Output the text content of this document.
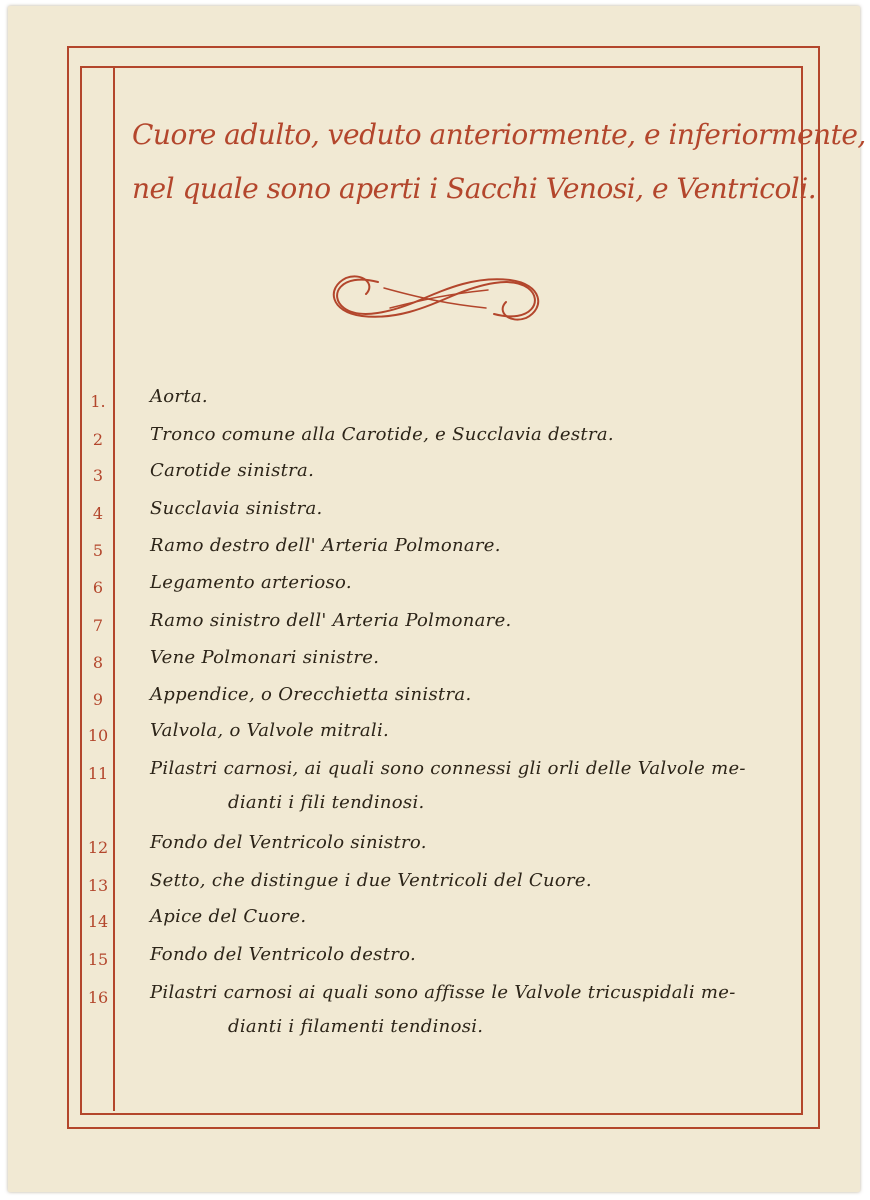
Cuore adulto, veduto anteriormente, e inferiormente,
nel quale sono aperti i Sacchi Venosi, e Ventricoli.
1.	Aorta.
2	Tronco comune alla Carotide, e Succlavia destra.
3	Carotide sinistra.
4	Succlavia sinistra.
5	Ramo destro dell' Arteria Polmonare.
6	Legamento arterioso.
7	Ramo sinistro dell' Arteria Polmonare.
8	Vene Polmonari sinistre.
9	Appendice, o Orecchietta sinistra.
10	Valvola, o Valvole mitrali.
11	Pilastri carnosi, ai quali sono connessi gli orli delle Valvole me-
dianti i fili tendinosi.
12	Fondo del Ventricolo sinistro.
13	Setto, che distingue i due Ventricoli del Cuore.
14	Apice del Cuore.
15	Fondo del Ventricolo destro.
16	Pilastri carnosi ai quali sono affisse le Valvole tricuspidali me-
dianti i filamenti tendinosi.
